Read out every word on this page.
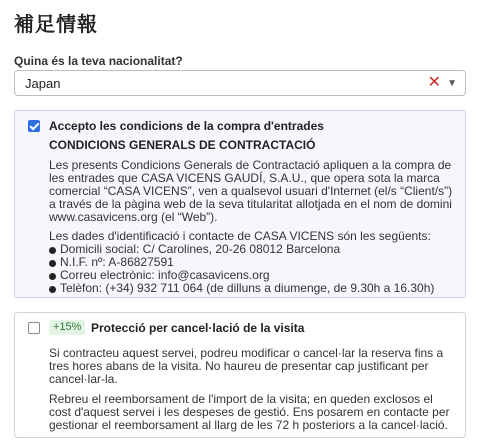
補足情報
Quina és la teva nacionalitat?
Japan	✕ ▼
Accepto les condicions de la compra d'entrades

CONDICIONS GENERALS DE CONTRACTACIÓ

Les presents Condicions Generals de Contractació apliquen a la compra de les entrades que CASA VICENS GAUDÍ, S.A.U., que opera sota la marca comercial “CASA VICENS”, ven a qualsevol usuari d'Internet (el/s “Client/s”) a través de la pàgina web de la seva titularitat allotjada en el nom de domini www.casavicens.org (el “Web”).

Les dades d'identificació i contacte de CASA VICENS són les següents:

Domicili social: C/ Carolines, 20-26 08012 Barcelona
N.I.F. nº: A-86827591
Correu electrònic: info@casavicens.org
Telèfon: (+34) 932 711 064 (de dilluns a diumenge, de 9.30h a 16.30h)
+15% Protecció per cancel·lació de la visita

Si contracteu aquest servei, podreu modificar o cancel·lar la reserva fins a tres hores abans de la visita. No haureu de presentar cap justificant per cancel·lar-la.

Rebreu el reemborsament de l'import de la visita; en queden exclosos el cost d'aquest servei i les despeses de gestió. Ens posarem en contacte per gestionar el reemborsament al llarg de les 72 h posteriors a la cancel·lació.
